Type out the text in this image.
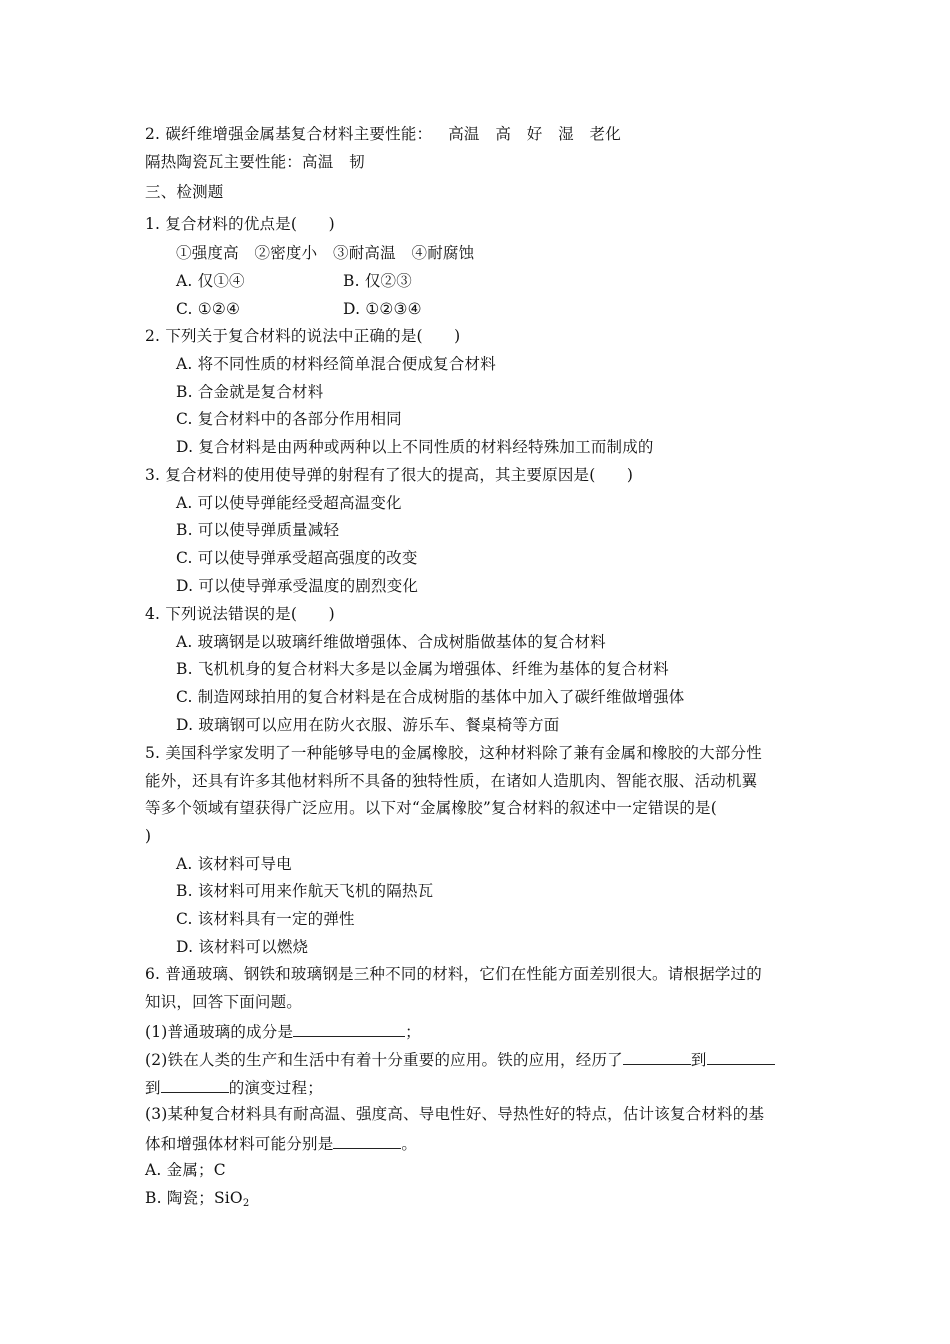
2. 碳纤维增强金属基复合材料主要性能： 高温　高　好　湿　老化
隔热陶瓷瓦主要性能：高温　韧
三、检测题
1. 复合材料的优点是(　　)
①强度高　②密度小　③耐高温　④耐腐蚀
A. 仅①④	B. 仅②③
C. ①②④	D. ①②③④
2. 下列关于复合材料的说法中正确的是(　　)
A. 将不同性质的材料经简单混合便成复合材料
B. 合金就是复合材料
C. 复合材料中的各部分作用相同
D. 复合材料是由两种或两种以上不同性质的材料经特殊加工而制成的
3. 复合材料的使用使导弹的射程有了很大的提高，其主要原因是(　　)
A. 可以使导弹能经受超高温变化
B. 可以使导弹质量减轻
C. 可以使导弹承受超高强度的改变
D. 可以使导弹承受温度的剧烈变化
4. 下列说法错误的是(　　)
A. 玻璃钢是以玻璃纤维做增强体、合成树脂做基体的复合材料
B. 飞机机身的复合材料大多是以金属为增强体、纤维为基体的复合材料
C. 制造网球拍用的复合材料是在合成树脂的基体中加入了碳纤维做增强体
D. 玻璃钢可以应用在防火衣服、游乐车、餐桌椅等方面
5. 美国科学家发明了一种能够导电的金属橡胶，这种材料除了兼有金属和橡胶的大部分性
能外，还具有许多其他材料所不具备的独特性质，在诸如人造肌肉、智能衣服、活动机翼
等多个领域有望获得广泛应用。以下对“金属橡胶”复合材料的叙述中一定错误的是(
)
A. 该材料可导电
B. 该材料可用来作航天飞机的隔热瓦
C. 该材料具有一定的弹性
D. 该材料可以燃烧
6. 普通玻璃、钢铁和玻璃钢是三种不同的材料，它们在性能方面差别很大。请根据学过的
知识，回答下面问题。
(1)普通玻璃的成分是	；
(2)铁在人类的生产和生活中有着十分重要的应用。铁的应用，经历了	到
到	的演变过程；
(3)某种复合材料具有耐高温、强度高、导电性好、导热性好的特点，估计该复合材料的基
体和增强体材料可能分别是	。
A. 金属；C
B. 陶瓷；SiO$_2$
